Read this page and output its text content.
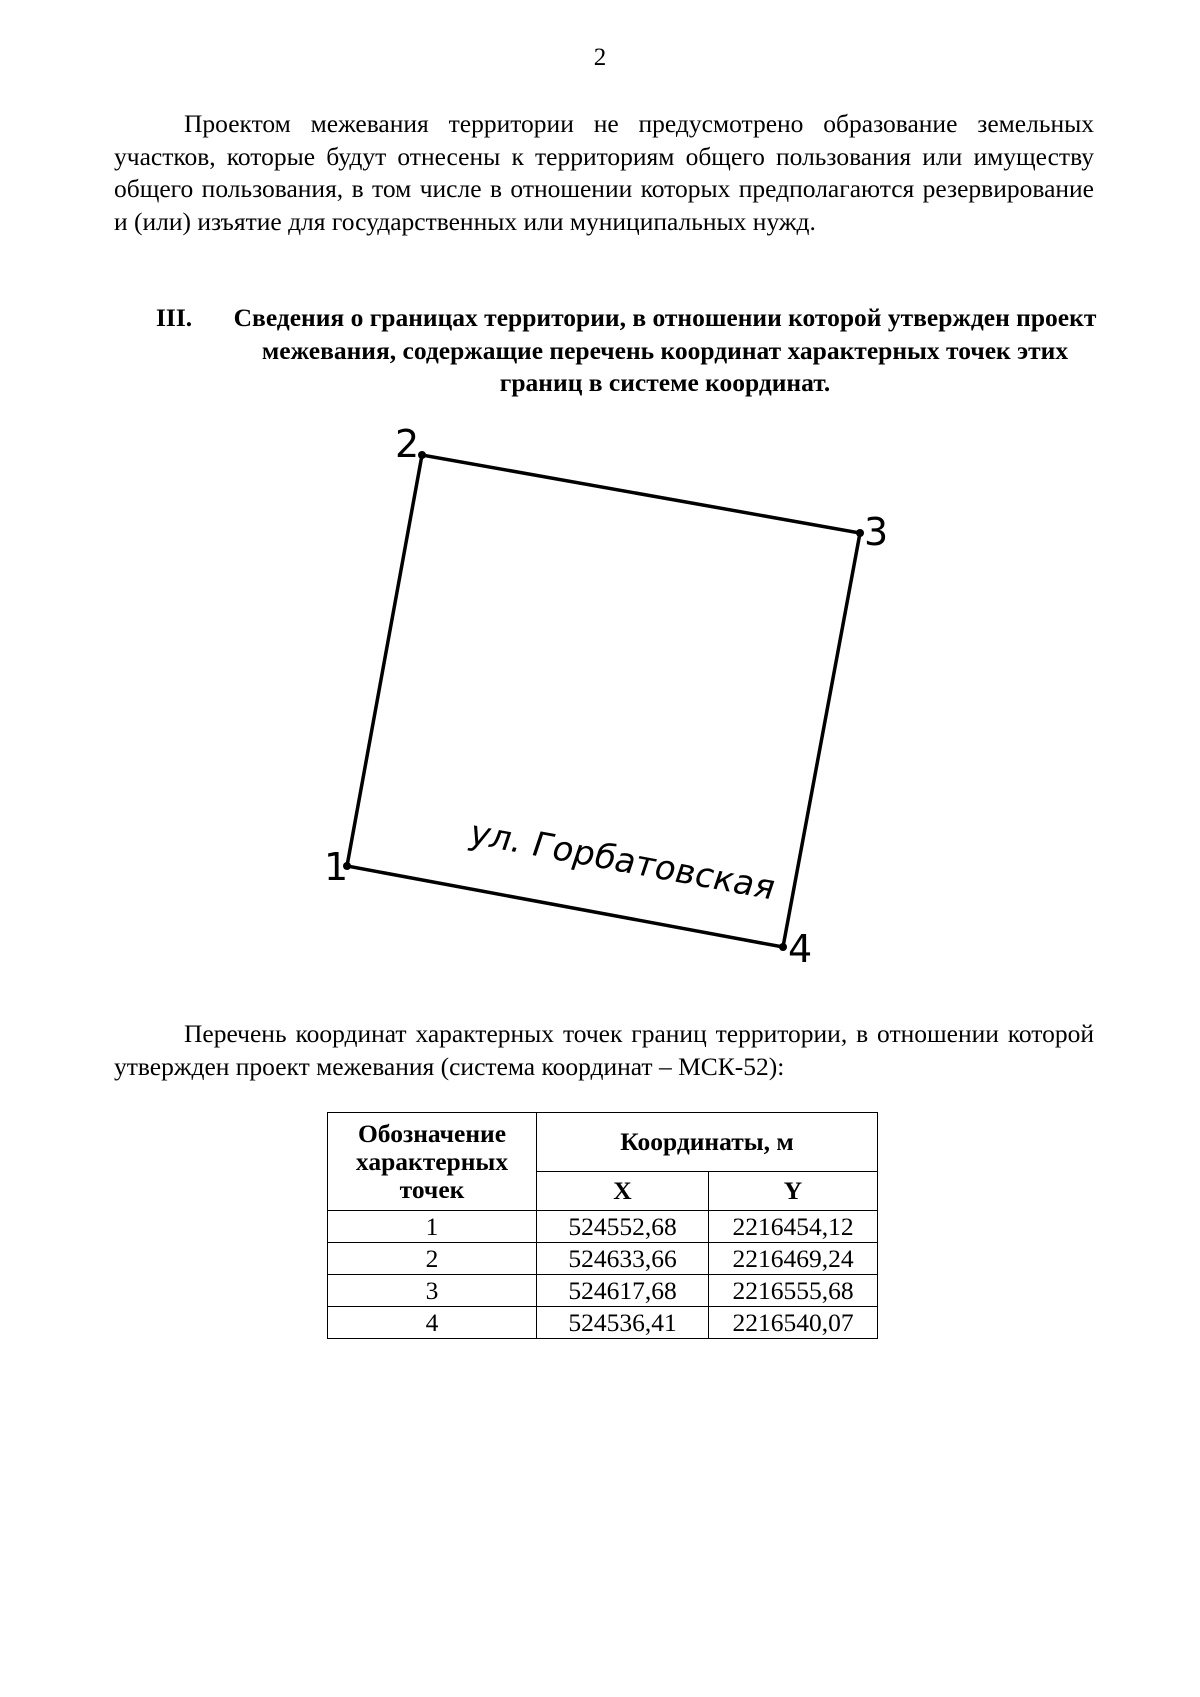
2

Проектом межевания территории не предусмотрено образование земельных участков, которые будут отнесены к территориям общего пользования или имуществу общего пользования, в том числе в отношении которых предполагаются резервирование и (или) изъятие для государственных или муниципальных нужд.

III. Сведения о границах территории, в отношении которой утвержден проект межевания, содержащие перечень координат характерных точек этих границ в системе координат.
1
2
3
4
ул. Горбатовская

Перечень координат характерных точек границ территории, в отношении которой утвержден проект межевания (система координат – МСК-52):

Обозначение характерных точек	Координаты, м	
	X	Y
1	524552,68	2216454,12
2	524633,66	2216469,24
3	524617,68	2216555,68
4	524536,41	2216540,07
